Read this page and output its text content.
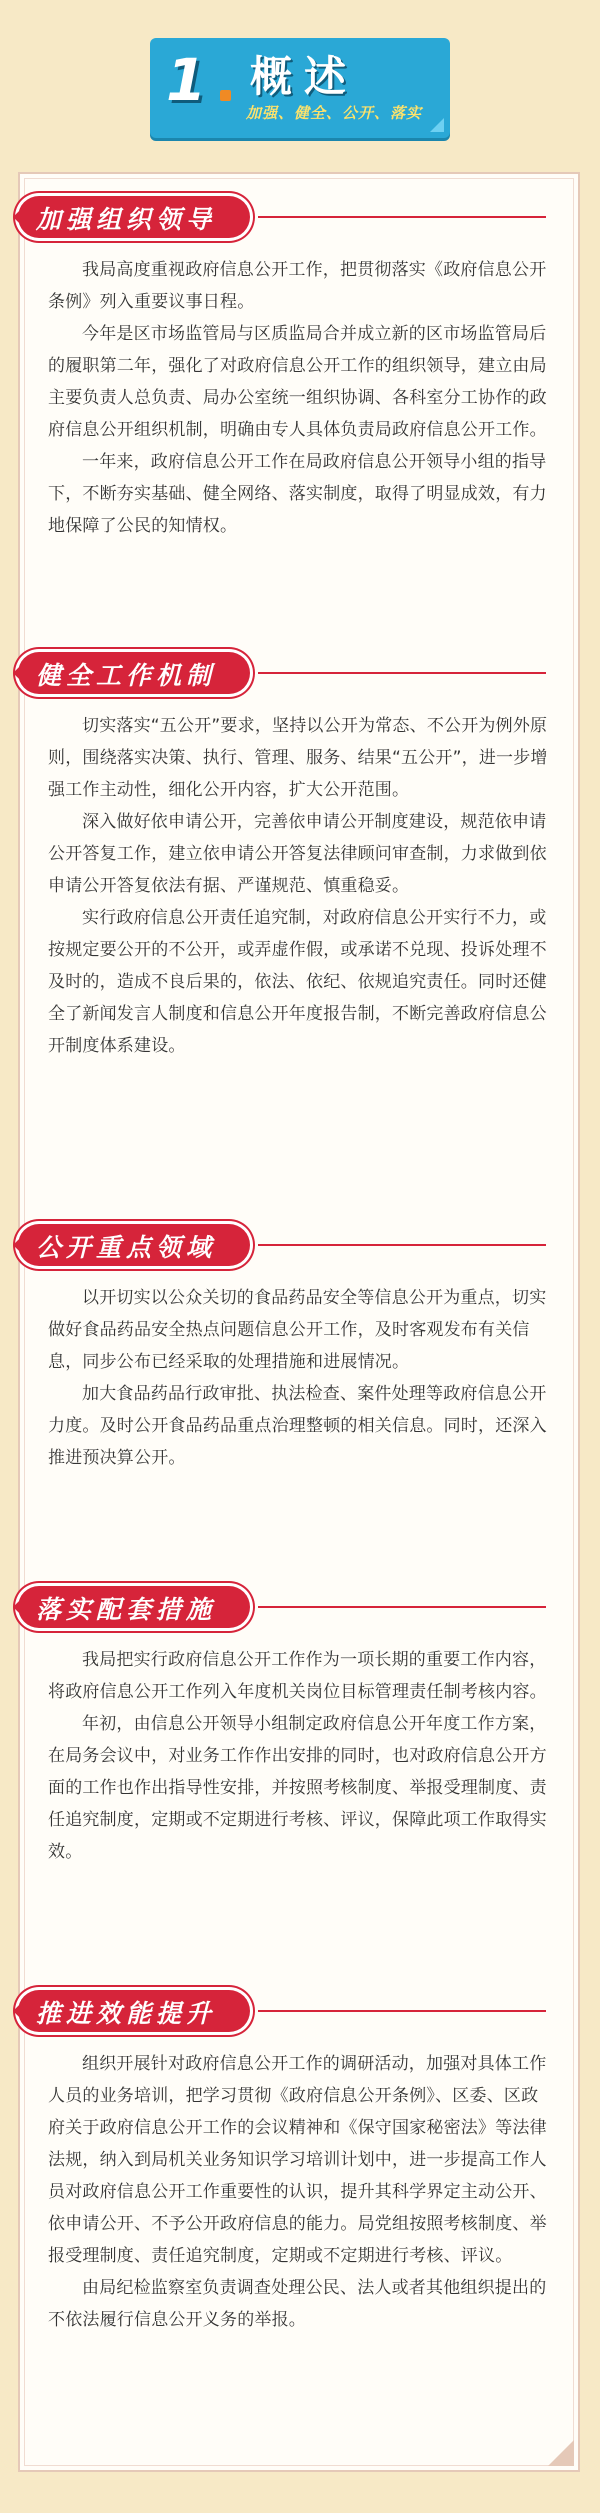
1 概述
加强、健全、公开、落实
加强组织领导

我局高度重视政府信息公开工作，把贯彻落实《政府信息公开条例》列入重要议事日程。

今年是区市场监管局与区质监局合并成立新的区市场监管局后的履职第二年，强化了对政府信息公开工作的组织领导，建立由局主要负责人总负责、局办公室统一组织协调、各科室分工协作的政府信息公开组织机制，明确由专人具体负责局政府信息公开工作。

一年来，政府信息公开工作在局政府信息公开领导小组的指导下，不断夯实基础、健全网络、落实制度，取得了明显成效，有力地保障了公民的知情权。

健全工作机制

切实落实“五公开”要求，坚持以公开为常态、不公开为例外原则，围绕落实决策、执行、管理、服务、结果“五公开”，进一步增强工作主动性，细化公开内容，扩大公开范围。

深入做好依申请公开，完善依申请公开制度建设，规范依申请公开答复工作，建立依申请公开答复法律顾问审查制，力求做到依申请公开答复依法有据、严谨规范、慎重稳妥。

实行政府信息公开责任追究制，对政府信息公开实行不力，或按规定要公开的不公开，或弄虚作假，或承诺不兑现、投诉处理不及时的，造成不良后果的，依法、依纪、依规追究责任。同时还健全了新闻发言人制度和信息公开年度报告制，不断完善政府信息公开制度体系建设。

公开重点领域

以开切实以公众关切的食品药品安全等信息公开为重点，切实做好食品药品安全热点问题信息公开工作，及时客观发布有关信息，同步公布已经采取的处理措施和进展情况。

加大食品药品行政审批、执法检查、案件处理等政府信息公开力度。及时公开食品药品重点治理整顿的相关信息。同时，还深入推进预决算公开。

落实配套措施

我局把实行政府信息公开工作作为一项长期的重要工作内容，将政府信息公开工作列入年度机关岗位目标管理责任制考核内容。

年初，由信息公开领导小组制定政府信息公开年度工作方案，在局务会议中，对业务工作作出安排的同时，也对政府信息公开方面的工作也作出指导性安排，并按照考核制度、举报受理制度、责任追究制度，定期或不定期进行考核、评议，保障此项工作取得实效。

推进效能提升

组织开展针对政府信息公开工作的调研活动，加强对具体工作人员的业务培训，把学习贯彻《政府信息公开条例》、区委、区政府关于政府信息公开工作的会议精神和《保守国家秘密法》等法律法规，纳入到局机关业务知识学习培训计划中，进一步提高工作人员对政府信息公开工作重要性的认识，提升其科学界定主动公开、依申请公开、不予公开政府信息的能力。局党组按照考核制度、举报受理制度、责任追究制度，定期或不定期进行考核、评议。

由局纪检监察室负责调查处理公民、法人或者其他组织提出的不依法履行信息公开义务的举报。
